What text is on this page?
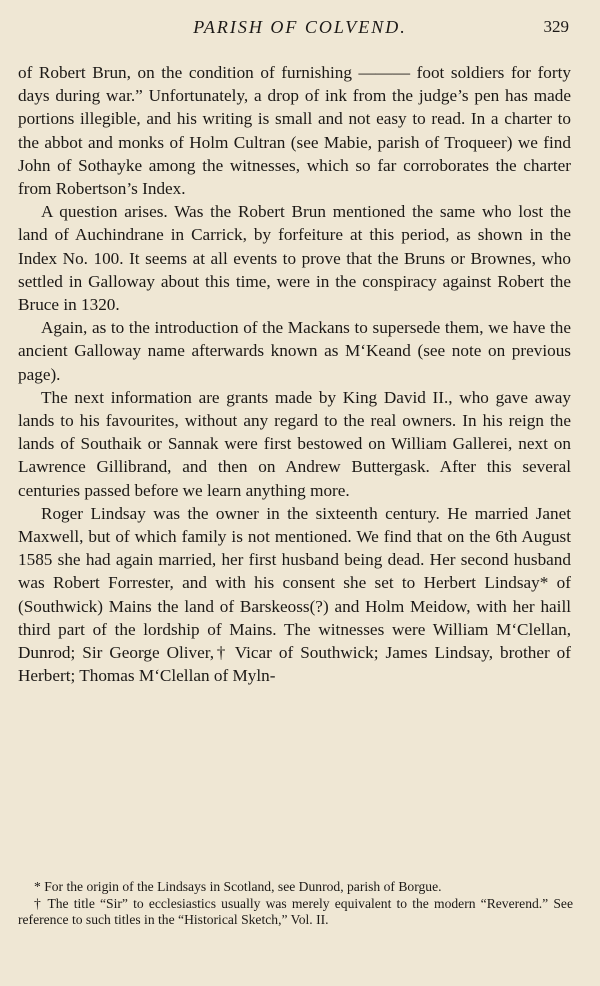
PARISH OF COLVEND.	329

of Robert Brun, on the condition of furnishing ——— foot soldiers for forty days during war.” Unfortunately, a drop of ink from the judge’s pen has made portions illegible, and his writing is small and not easy to read. In a charter to the abbot and monks of Holm Cultran (see Mabie, parish of Troqueer) we find John of Sothayke among the witnesses, which so far corroborates the charter from Robertson’s Index.

A question arises. Was the Robert Brun mentioned the same who lost the land of Auchindrane in Carrick, by forfeiture at this period, as shown in the Index No. 100. It seems at all events to prove that the Bruns or Brownes, who settled in Galloway about this time, were in the conspiracy against Robert the Bruce in 1320.

Again, as to the introduction of the Mackans to supersede them, we have the ancient Galloway name afterwards known as M‘Keand (see note on previous page).

The next information are grants made by King David II., who gave away lands to his favourites, without any regard to the real owners. In his reign the lands of Southaik or Sannak were first bestowed on William Gallerei, next on Lawrence Gillibrand, and then on Andrew Buttergask. After this several centuries passed before we learn anything more.

Roger Lindsay was the owner in the sixteenth century. He married Janet Maxwell, but of which family is not mentioned. We find that on the 6th August 1585 she had again married, her first husband being dead. Her second husband was Robert Forrester, and with his consent she set to Herbert Lindsay* of (Southwick) Mains the land of Barskeoss(?) and Holm Meidow, with her haill third part of the lordship of Mains. The witnesses were William M‘Clellan, Dunrod; Sir George Oliver,† Vicar of Southwick; James Lindsay, brother of Herbert; Thomas M‘Clellan of Myln-

* For the origin of the Lindsays in Scotland, see Dunrod, parish of Borgue.

† The title “Sir” to ecclesiastics usually was merely equivalent to the modern “Reverend.” See reference to such titles in the “Historical Sketch,” Vol. II.
